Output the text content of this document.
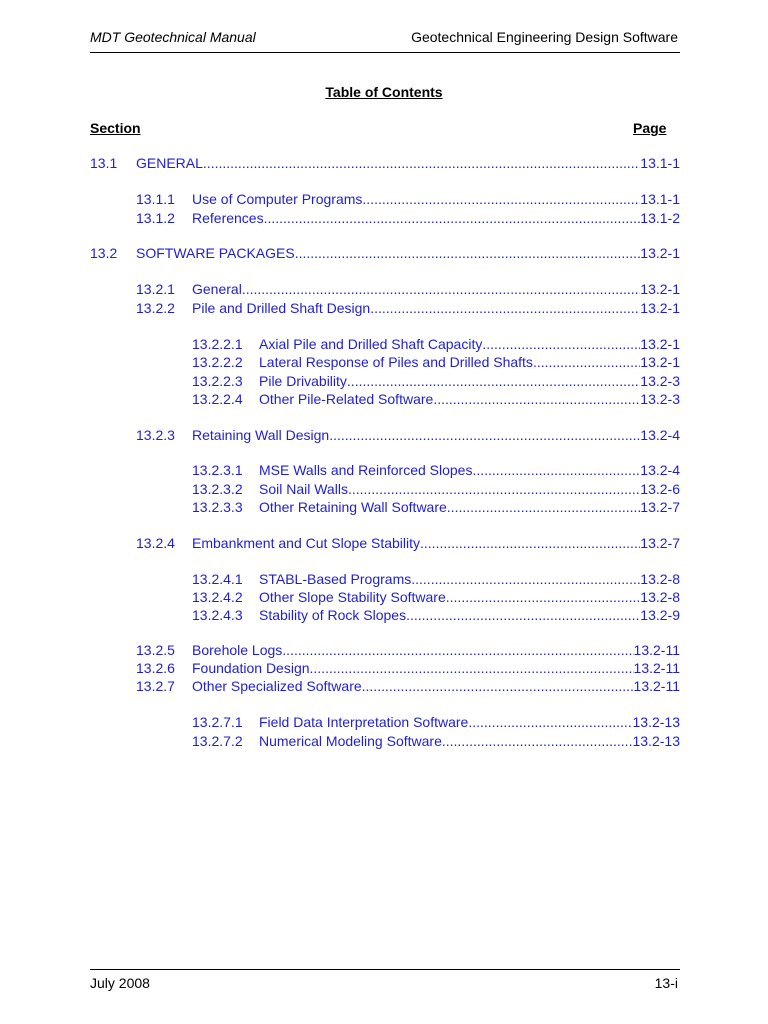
MDT Geotechnical Manual	Geotechnical Engineering Design Software
Table of Contents
Section	Page
13.1 GENERAL .....	13.1-1
13.1.1 Use of Computer Programs .....	13.1-1
13.1.2 References .....	13.1-2
13.2 SOFTWARE PACKAGES .....	13.2-1
13.2.1 General .....	13.2-1
13.2.2 Pile and Drilled Shaft Design .....	13.2-1
13.2.2.1 Axial Pile and Drilled Shaft Capacity .....	13.2-1
13.2.2.2 Lateral Response of Piles and Drilled Shafts .....	13.2-1
13.2.2.3 Pile Drivability .....	13.2-3
13.2.2.4 Other Pile-Related Software .....	13.2-3
13.2.3 Retaining Wall Design .....	13.2-4
13.2.3.1 MSE Walls and Reinforced Slopes .....	13.2-4
13.2.3.2 Soil Nail Walls .....	13.2-6
13.2.3.3 Other Retaining Wall Software .....	13.2-7
13.2.4 Embankment and Cut Slope Stability .....	13.2-7
13.2.4.1 STABL-Based Programs .....	13.2-8
13.2.4.2 Other Slope Stability Software .....	13.2-8
13.2.4.3 Stability of Rock Slopes .....	13.2-9
13.2.5 Borehole Logs .....	13.2-11
13.2.6 Foundation Design .....	13.2-11
13.2.7 Other Specialized Software .....	13.2-11
13.2.7.1 Field Data Interpretation Software .....	13.2-13
13.2.7.2 Numerical Modeling Software .....	13.2-13
July 2008	13-i
